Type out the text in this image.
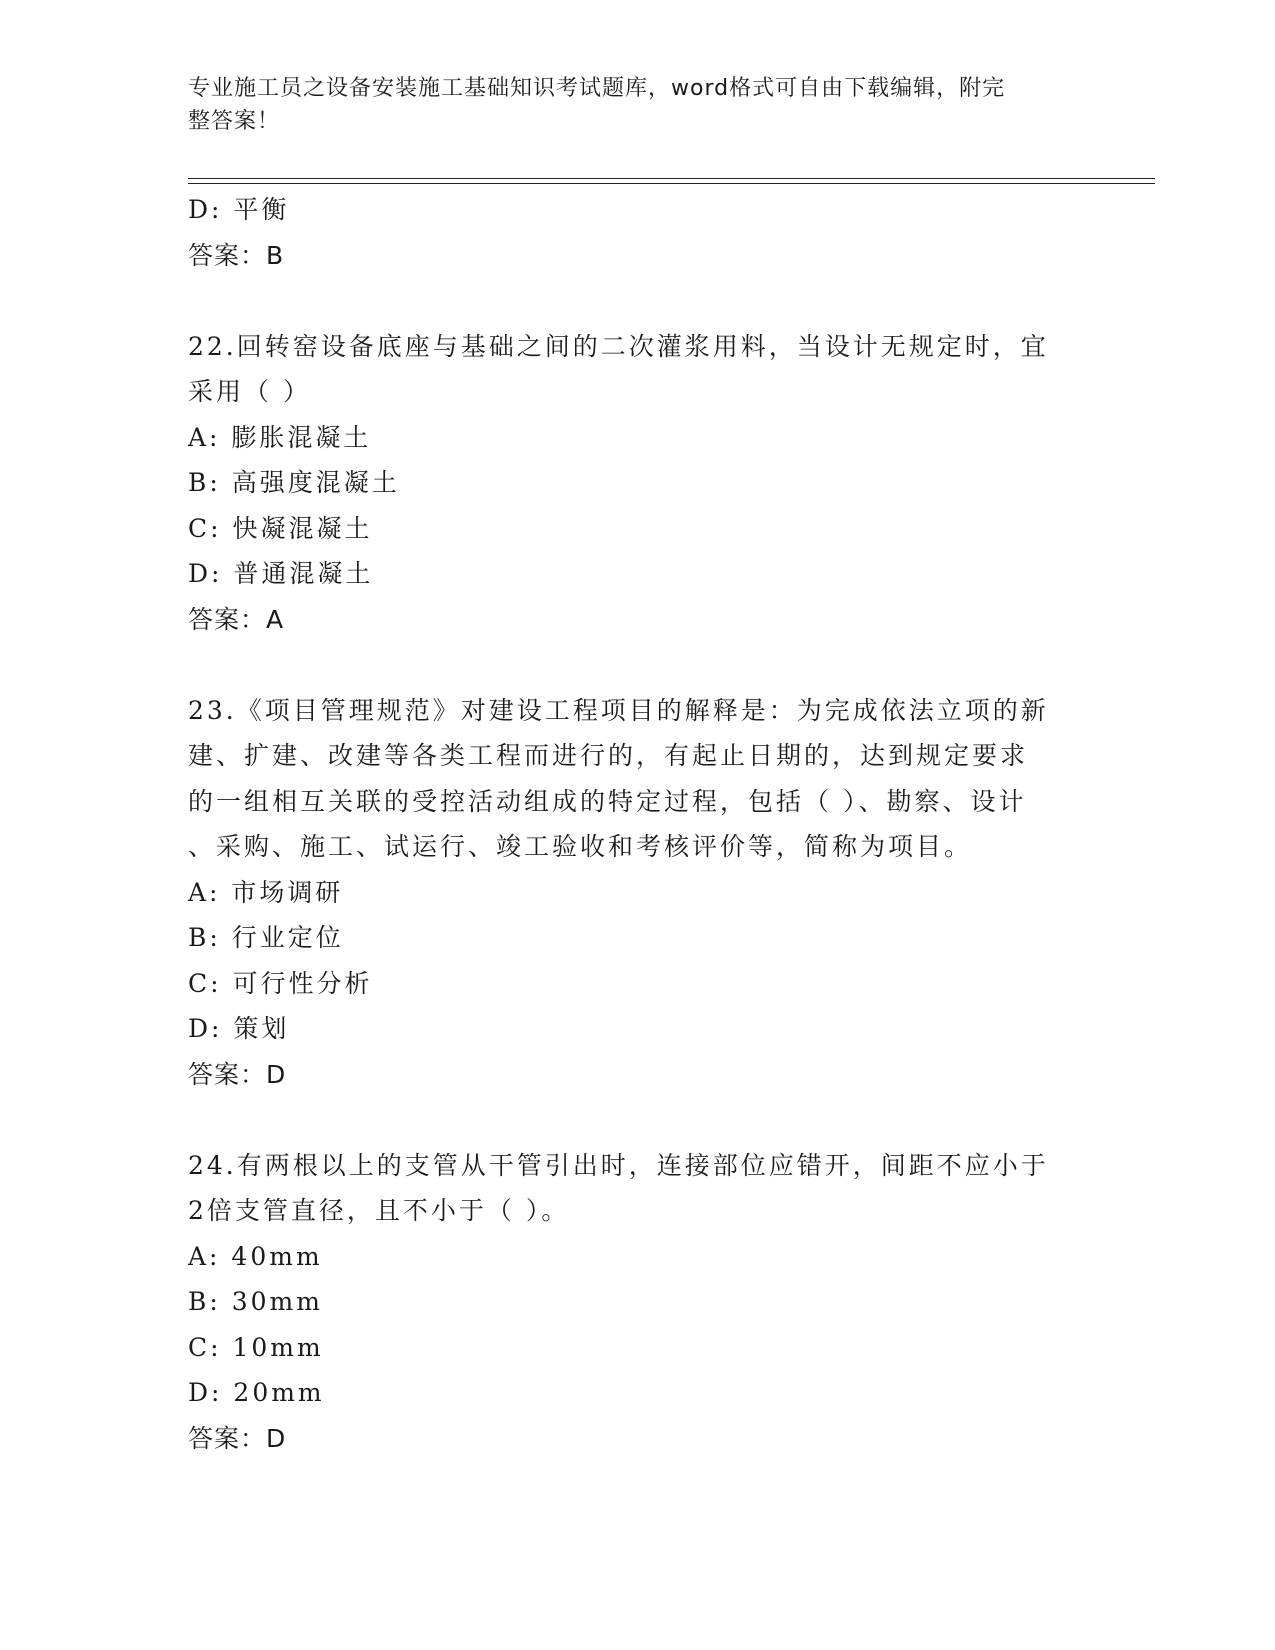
专业施工员之设备安装施工基础知识考试题库，word格式可自由下载编辑，附完
整答案！
D: 平衡
答案：B
22.回转窑设备底座与基础之间的二次灌浆用料，当设计无规定时，宜
采用（ ）
A: 膨胀混凝土
B: 高强度混凝土
C: 快凝混凝土
D: 普通混凝土
答案：A
23.《项目管理规范》对建设工程项目的解释是：为完成依法立项的新
建、扩建、改建等各类工程而进行的，有起止日期的，达到规定要求
的一组相互关联的受控活动组成的特定过程，包括（ ）、勘察、设计
、采购、施工、试运行、竣工验收和考核评价等，简称为项目。
A: 市场调研
B: 行业定位
C: 可行性分析
D: 策划
答案：D
24.有两根以上的支管从干管引出时，连接部位应错开，间距不应小于
2倍支管直径，且不小于（ ）。
A: 40mm
B: 30mm
C: 10mm
D: 20mm
答案：D
